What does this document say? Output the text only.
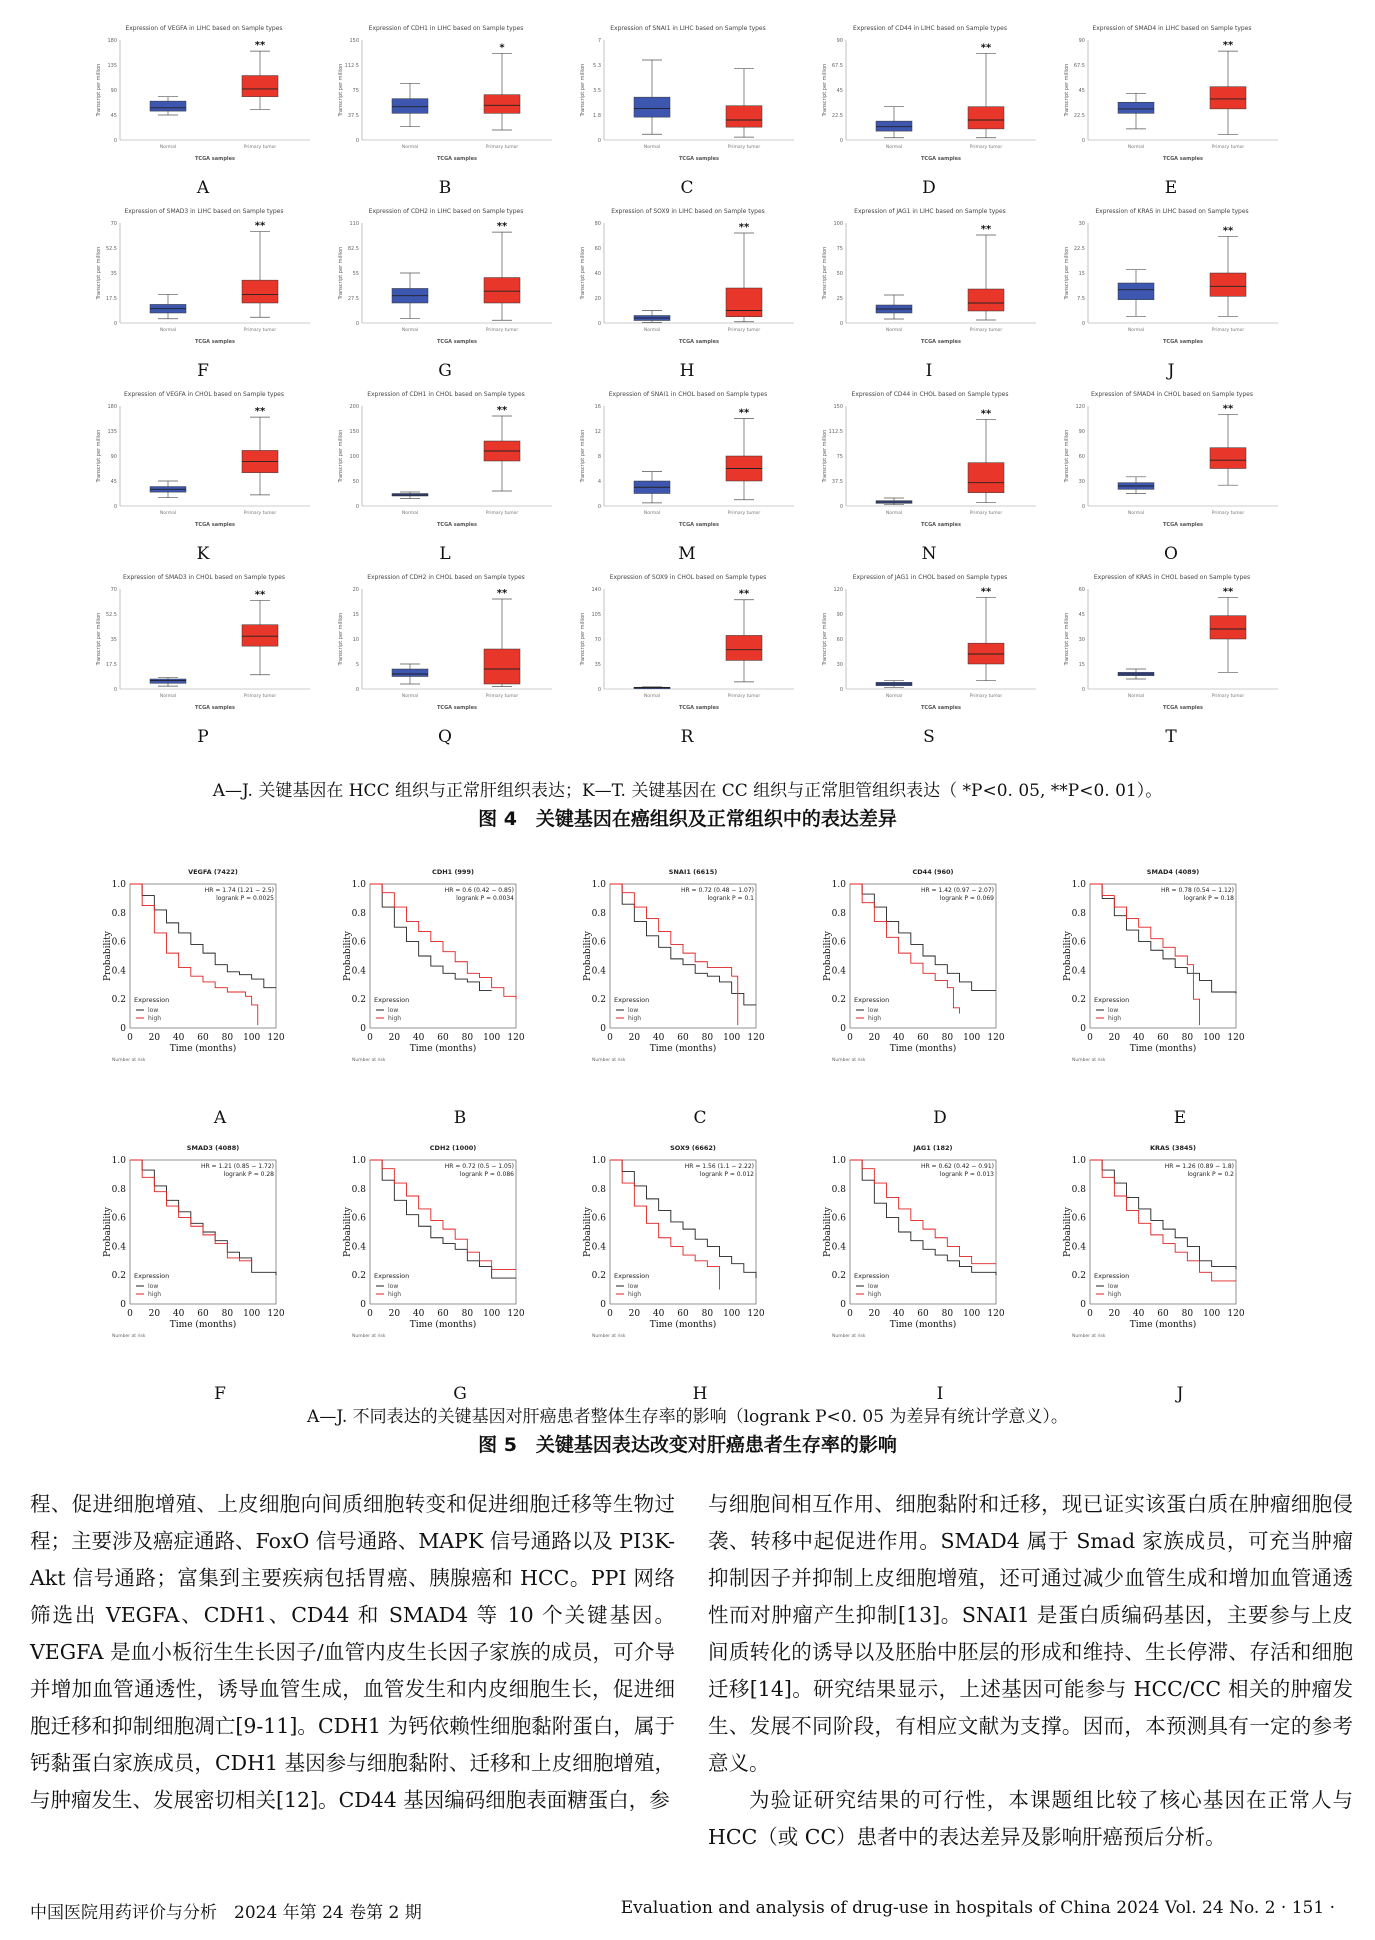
Expression of VEGFA in LIHC based on Sample types
Transcript per million
0
45
90
135
180
Normal	Primary tumor
**
TCGA samples
A
Expression of CDH1 in LIHC based on Sample types
Transcript per million
0
37.5
75
112.5
150
Normal	Primary tumor
*
TCGA samples
B
Expression of SNAI1 in LIHC based on Sample types
Transcript per million
0
1.8
3.5
5.3
7
Normal	Primary tumor
TCGA samples
C
Expression of CD44 in LIHC based on Sample types
Transcript per million
0
22.5
45
67.5
90
Normal	Primary tumor
**
TCGA samples
D
Expression of SMAD4 in LIHC based on Sample types
Transcript per million
0
22.5
45
67.5
90
Normal	Primary tumor
**
TCGA samples
E
Expression of SMAD3 in LIHC based on Sample types
Transcript per million
0
17.5
35
52.5
70
Normal	Primary tumor
**
TCGA samples
F
Expression of CDH2 in LIHC based on Sample types
Transcript per million
0
27.5
55
82.5
110
Normal	Primary tumor
**
TCGA samples
G
Expression of SOX9 in LIHC based on Sample types
Transcript per million
0
20
40
60
80
Normal	Primary tumor
**
TCGA samples
H
Expression of JAG1 in LIHC based on Sample types
Transcript per million
0
25
50
75
100
Normal	Primary tumor
**
TCGA samples
I
Expression of KRAS in LIHC based on Sample types
Transcript per million
0
7.5
15
22.5
30
Normal	Primary tumor
**
TCGA samples
J
Expression of VEGFA in CHOL based on Sample types
Transcript per million
0
45
90
135
180
Normal	Primary tumor
**
TCGA samples
K
Expression of CDH1 in CHOL based on Sample types
Transcript per million
0
50
100
150
200
Normal	Primary tumor
**
TCGA samples
L
Expression of SNAI1 in CHOL based on Sample types
Transcript per million
0
4
8
12
16
Normal	Primary tumor
**
TCGA samples
M
Expression of CD44 in CHOL based on Sample types
Transcript per million
0
37.5
75
112.5
150
Normal	Primary tumor
**
TCGA samples
N
Expression of SMAD4 in CHOL based on Sample types
Transcript per million
0
30
60
90
120
Normal	Primary tumor
**
TCGA samples
O
Expression of SMAD3 in CHOL based on Sample types
Transcript per million
0
17.5
35
52.5
70
Normal	Primary tumor
**
TCGA samples
P
Expression of CDH2 in CHOL based on Sample types
Transcript per million
0
5
10
15
20
Normal	Primary tumor
**
TCGA samples
Q
Expression of SOX9 in CHOL based on Sample types
Transcript per million
0
35
70
105
140
Normal	Primary tumor
**
TCGA samples
R
Expression of JAG1 in CHOL based on Sample types
Transcript per million
0
30
60
90
120
Normal	Primary tumor
**
TCGA samples
S
Expression of KRAS in CHOL based on Sample types
Transcript per million
0
15
30
45
60
Normal	Primary tumor
**
TCGA samples
T
A—J. 关键基因在 HCC 组织与正常肝组织表达；K—T. 关键基因在 CC 组织与正常胆管组织表达（ *P<0. 05, **P<0. 01）。
图 4　关键基因在癌组织及正常组织中的表达差异
VEGFA (7422)
HR = 1.74 (1.21 − 2.5)
logrank P = 0.0025
0
0.2
0.4
0.6
0.8
1.0
0 20 40 60 80 100 120
Probability
Time (months)
Expression
low
high
Number at risk
A
CDH1 (999)
HR = 0.6 (0.42 − 0.85)
logrank P = 0.0034
0
0.2
0.4
0.6
0.8
1.0
0 20 40 60 80 100 120
Probability
Time (months)
Expression
low
high
Number at risk
B
SNAI1 (6615)
HR = 0.72 (0.48 − 1.07)
logrank P = 0.1
0
0.2
0.4
0.6
0.8
1.0
0 20 40 60 80 100 120
Probability
Time (months)
Expression
low
high
Number at risk
C
CD44 (960)
HR = 1.42 (0.97 − 2.07)
logrank P = 0.069
0
0.2
0.4
0.6
0.8
1.0
0 20 40 60 80 100 120
Probability
Time (months)
Expression
low
high
Number at risk
D
SMAD4 (4089)
HR = 0.78 (0.54 − 1.12)
logrank P = 0.18
0
0.2
0.4
0.6
0.8
1.0
0 20 40 60 80 100 120
Probability
Time (months)
Expression
low
high
Number at risk
E
SMAD3 (4088)
HR = 1.21 (0.85 − 1.72)
logrank P = 0.28
0
0.2
0.4
0.6
0.8
1.0
0 20 40 60 80 100 120
Probability
Time (months)
Expression
low
high
Number at risk
F
CDH2 (1000)
HR = 0.72 (0.5 − 1.05)
logrank P = 0.086
0
0.2
0.4
0.6
0.8
1.0
0 20 40 60 80 100 120
Probability
Time (months)
Expression
low
high
Number at risk
G
SOX9 (6662)
HR = 1.56 (1.1 − 2.22)
logrank P = 0.012
0
0.2
0.4
0.6
0.8
1.0
0 20 40 60 80 100 120
Probability
Time (months)
Expression
low
high
Number at risk
H
JAG1 (182)
HR = 0.62 (0.42 − 0.91)
logrank P = 0.013
0
0.2
0.4
0.6
0.8
1.0
0 20 40 60 80 100 120
Probability
Time (months)
Expression
low
high
Number at risk
I
KRAS (3845)
HR = 1.26 (0.89 − 1.8)
logrank P = 0.2
0
0.2
0.4
0.6
0.8
1.0
0 20 40 60 80 100 120
Probability
Time (months)
Expression
low
high
Number at risk
J
A—J. 不同表达的关键基因对肝癌患者整体生存率的影响（logrank P<0. 05 为差异有统计学意义）。
图 5　关键基因表达改变对肝癌患者生存率的影响

程、促进细胞增殖、上皮细胞向间质细胞转变和促进细胞迁移等生物过程；主要涉及癌症通路、FoxO 信号通路、MAPK 信号通路以及 PI3K-Akt 信号通路；富集到主要疾病包括胃癌、胰腺癌和 HCC。PPI 网络筛选出 VEGFA、CDH1、CD44 和 SMAD4 等 10 个关键基因。VEGFA 是血小板衍生生长因子/血管内皮生长因子家族的成员，可介导并增加血管通透性，诱导血管生成，血管发生和内皮细胞生长，促进细胞迁移和抑制细胞凋亡[9-11]。CDH1 为钙依赖性细胞黏附蛋白，属于钙黏蛋白家族成员，CDH1 基因参与细胞黏附、迁移和上皮细胞增殖，与肿瘤发生、发展密切相关[12]。CD44 基因编码细胞表面糖蛋白，参

与细胞间相互作用、细胞黏附和迁移，现已证实该蛋白质在肿瘤细胞侵袭、转移中起促进作用。SMAD4 属于 Smad 家族成员，可充当肿瘤抑制因子并抑制上皮细胞增殖，还可通过减少血管生成和增加血管通透性而对肿瘤产生抑制[13]。SNAI1 是蛋白质编码基因，主要参与上皮间质转化的诱导以及胚胎中胚层的形成和维持、生长停滞、存活和细胞迁移[14]。研究结果显示，上述基因可能参与 HCC/CC 相关的肿瘤发生、发展不同阶段，有相应文献为支撑。因而，本预测具有一定的参考意义。

为验证研究结果的可行性，本课题组比较了核心基因在正常人与 HCC（或 CC）患者中的表达差异及影响肝癌预后分析。

中国医院用药评价与分析　2024 年第 24 卷第 2 期	Evaluation and analysis of drug-use in hospitals of China 2024 Vol. 24 No. 2 · 151 ·
